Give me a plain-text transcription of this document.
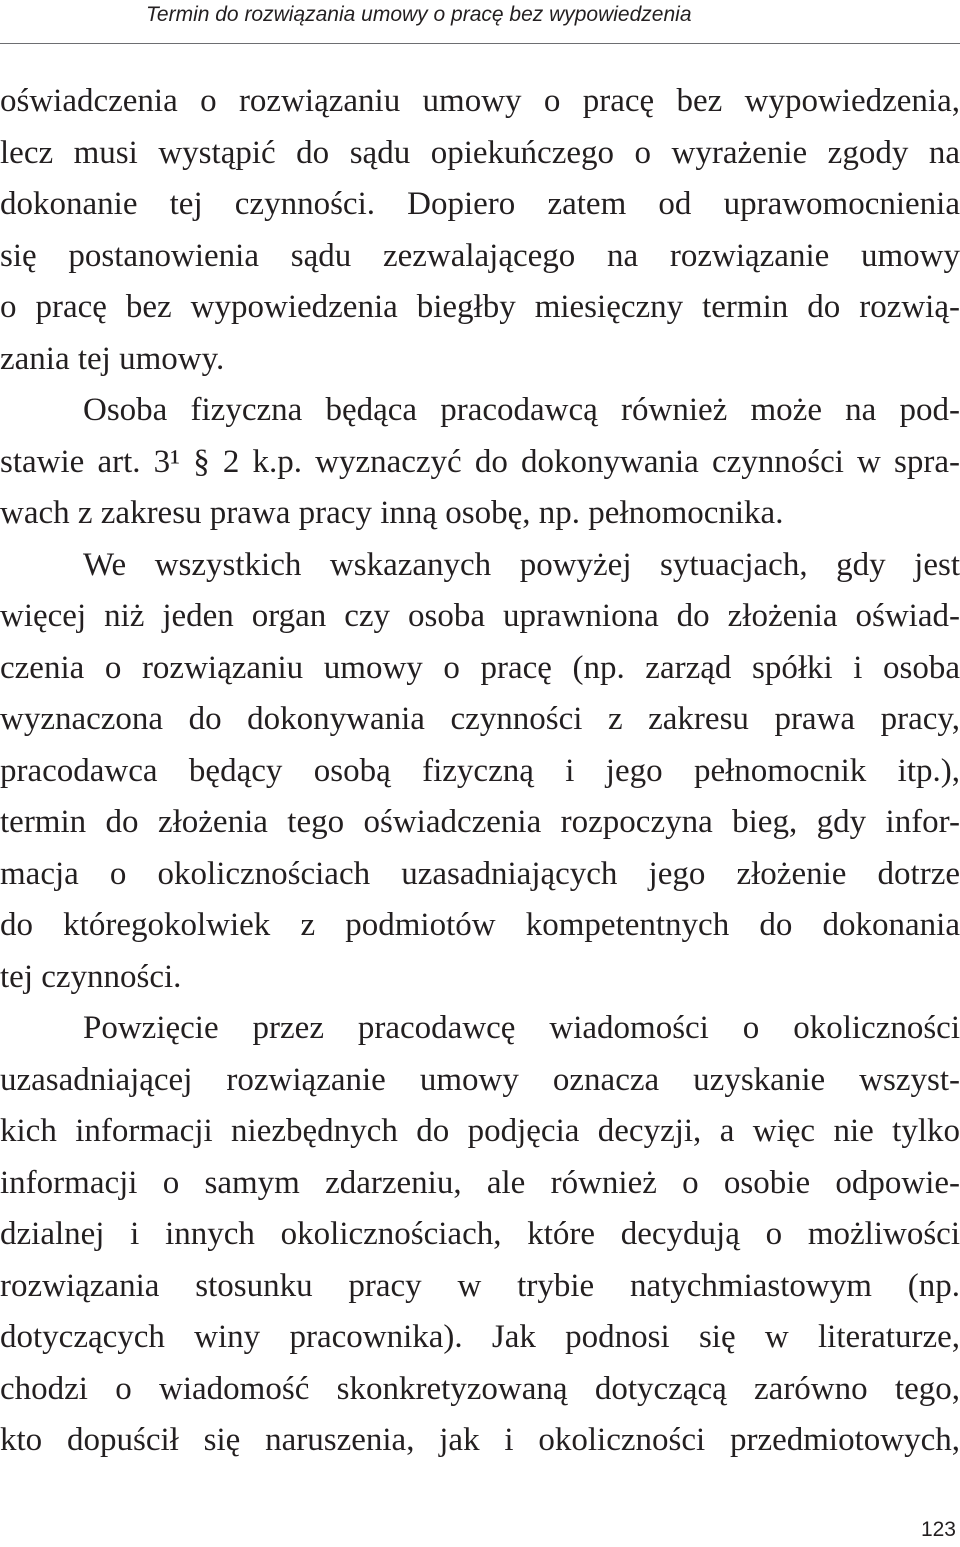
Termin do rozwiązania umowy o pracę bez wypowiedzenia
oświadczenia o rozwiązaniu umowy o pracę bez wypowiedzenia,
lecz musi wystąpić do sądu opiekuńczego o wyrażenie zgody na
dokonanie tej czynności. Dopiero zatem od uprawomocnienia
się postanowienia sądu zezwalającego na rozwiązanie umowy
o pracę bez wypowiedzenia biegłby miesięczny termin do rozwią-
zania tej umowy.
Osoba fizyczna będąca pracodawcą również może na pod-
stawie art. 3¹ § 2 k.p. wyznaczyć do dokonywania czynności w spra-
wach z zakresu prawa pracy inną osobę, np. pełnomocnika.
We wszystkich wskazanych powyżej sytuacjach, gdy jest
więcej niż jeden organ czy osoba uprawniona do złożenia oświad-
czenia o rozwiązaniu umowy o pracę (np. zarząd spółki i osoba
wyznaczona do dokonywania czynności z zakresu prawa pracy,
pracodawca będący osobą fizyczną i jego pełnomocnik itp.),
termin do złożenia tego oświadczenia rozpoczyna bieg, gdy infor-
macja o okolicznościach uzasadniających jego złożenie dotrze
do któregokolwiek z podmiotów kompetentnych do dokonania
tej czynności.
Powzięcie przez pracodawcę wiadomości o okoliczności
uzasadniającej rozwiązanie umowy oznacza uzyskanie wszyst-
kich informacji niezbędnych do podjęcia decyzji, a więc nie tylko
informacji o samym zdarzeniu, ale również o osobie odpowie-
dzialnej i innych okolicznościach, które decydują o możliwości
rozwiązania stosunku pracy w trybie natychmiastowym (np.
dotyczących winy pracownika). Jak podnosi się w literaturze,
chodzi o wiadomość skonkretyzowaną dotyczącą zarówno tego,
kto dopuścił się naruszenia, jak i okoliczności przedmiotowych,
123
